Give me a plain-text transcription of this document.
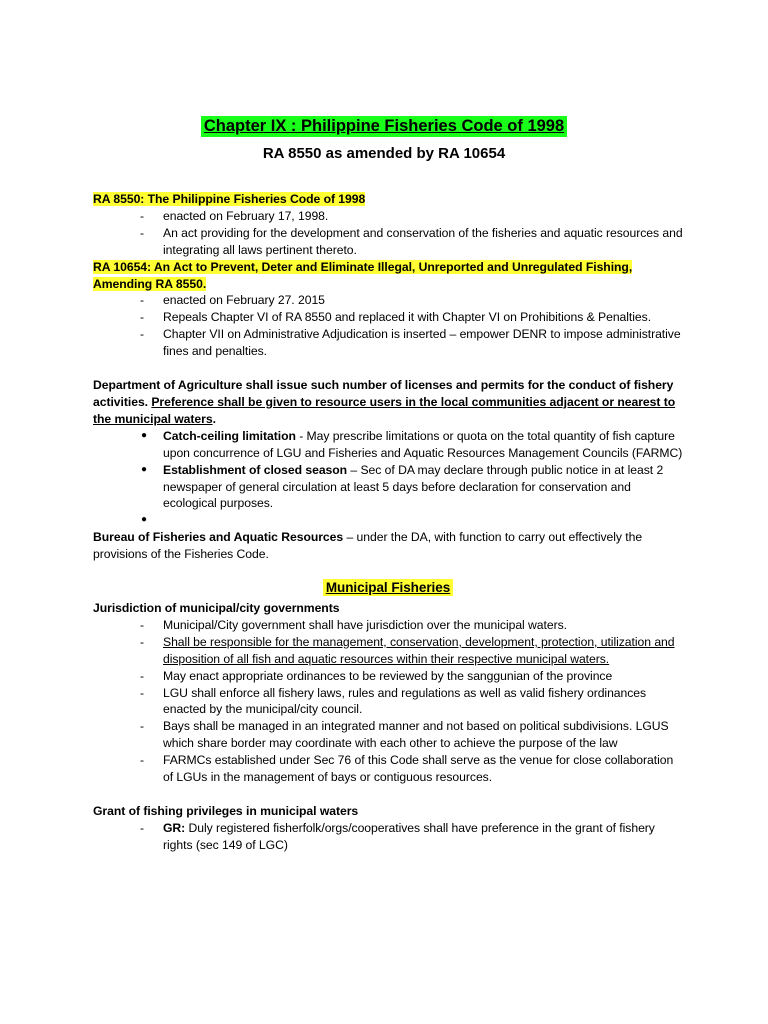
Chapter IX : Philippine Fisheries Code of 1998
RA 8550 as amended by RA 10654
RA 8550: The Philippine Fisheries Code of 1998
- enacted on February 17, 1998.
- An act providing for the development and conservation of the fisheries and aquatic resources and integrating all laws pertinent thereto.
RA 10654: An Act to Prevent, Deter and Eliminate Illegal, Unreported and Unregulated Fishing, Amending RA 8550.
- enacted on February 27. 2015
- Repeals Chapter VI of RA 8550 and replaced it with Chapter VI on Prohibitions & Penalties.
- Chapter VII on Administrative Adjudication is inserted – empower DENR to impose administrative fines and penalties.
Department of Agriculture shall issue such number of licenses and permits for the conduct of fishery activities. Preference shall be given to resource users in the local communities adjacent or nearest to the municipal waters.
● Catch-ceiling limitation - May prescribe limitations or quota on the total quantity of fish capture upon concurrence of LGU and Fisheries and Aquatic Resources Management Councils (FARMC)
● Establishment of closed season – Sec of DA may declare through public notice in at least 2 newspaper of general circulation at least 5 days before declaration for conservation and ecological purposes.
●
Bureau of Fisheries and Aquatic Resources – under the DA, with function to carry out effectively the provisions of the Fisheries Code.
Municipal Fisheries
Jurisdiction of municipal/city governments
- Municipal/City government shall have jurisdiction over the municipal waters.
- Shall be responsible for the management, conservation, development, protection, utilization and disposition of all fish and aquatic resources within their respective municipal waters.
- May enact appropriate ordinances to be reviewed by the sanggunian of the province
- LGU shall enforce all fishery laws, rules and regulations as well as valid fishery ordinances enacted by the municipal/city council.
- Bays shall be managed in an integrated manner and not based on political subdivisions. LGUS which share border may coordinate with each other to achieve the purpose of the law
- FARMCs established under Sec 76 of this Code shall serve as the venue for close collaboration of LGUs in the management of bays or contiguous resources.
Grant of fishing privileges in municipal waters
- GR: Duly registered fisherfolk/orgs/cooperatives shall have preference in the grant of fishery rights (sec 149 of LGC)
